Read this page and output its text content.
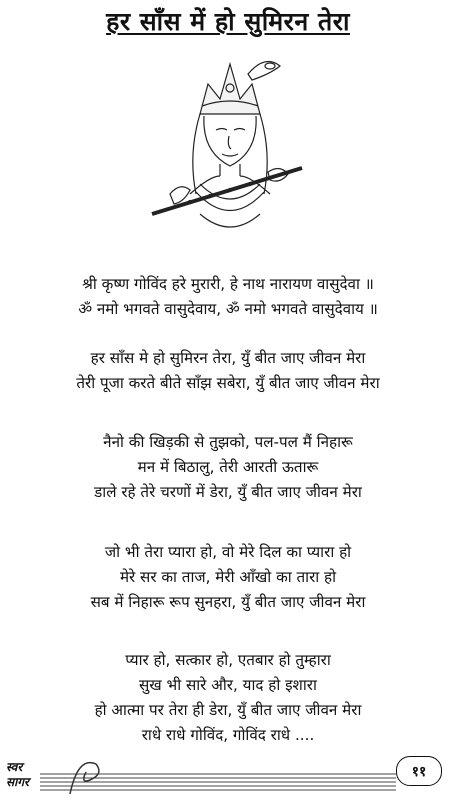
हर साँस में हो सुमिरन तेरा
श्री कृष्ण गोविंद हरे मुरारी, हे नाथ नारायण वासुदेवा ॥
ॐ नमो भगवते वासुदेवाय, ॐ नमो भगवते वासुदेवाय ॥
हर साँस मे हो सुमिरन तेरा, युँ बीत जाए जीवन मेरा
तेरी पूजा करते बीते साँझ सबेरा, युँ बीत जाए जीवन मेरा
नैनो की खिड़की से तुझको, पल-पल मैं निहारू
मन में बिठालु, तेरी आरती ऊतारू
डाले रहे तेरे चरणों में डेरा, युँ बीत जाए जीवन मेरा
जो भी तेरा प्यारा हो, वो मेरे दिल का प्यारा हो
मेरे सर का ताज, मेरी आँखो का तारा हो
सब में निहारू रूप सुनहरा, युँ बीत जाए जीवन मेरा
प्यार हो, सत्कार हो, एतबार हो तुम्हारा
सुख भी सारे और, याद हो इशारा
हो आत्मा पर तेरा ही डेरा, युँ बीत जाए जीवन मेरा
राधे राधे गोविंद, गोविंद राधे ....
स्वर
सागर
११
